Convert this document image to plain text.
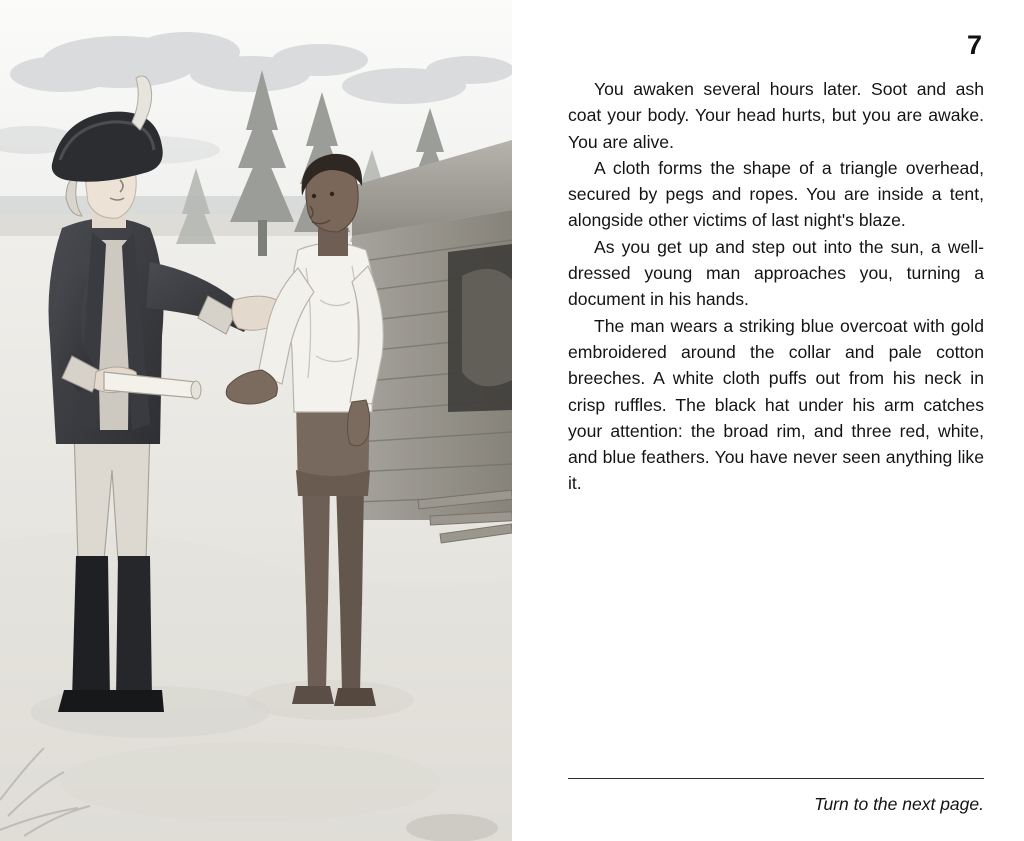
7

You awaken several hours later. Soot and ash coat your body. Your head hurts, but you are awake. You are alive.

A cloth forms the shape of a triangle overhead, secured by pegs and ropes. You are inside a tent, alongside other victims of last night's blaze.

As you get up and step out into the sun, a well-dressed young man approaches you, turning a document in his hands.

The man wears a striking blue overcoat with gold embroidered around the collar and pale cotton breeches. A white cloth puffs out from his neck in crisp ruffles. The black hat under his arm catches your attention: the broad rim, and three red, white, and blue feathers. You have never seen anything like it.

Turn to the next page.
